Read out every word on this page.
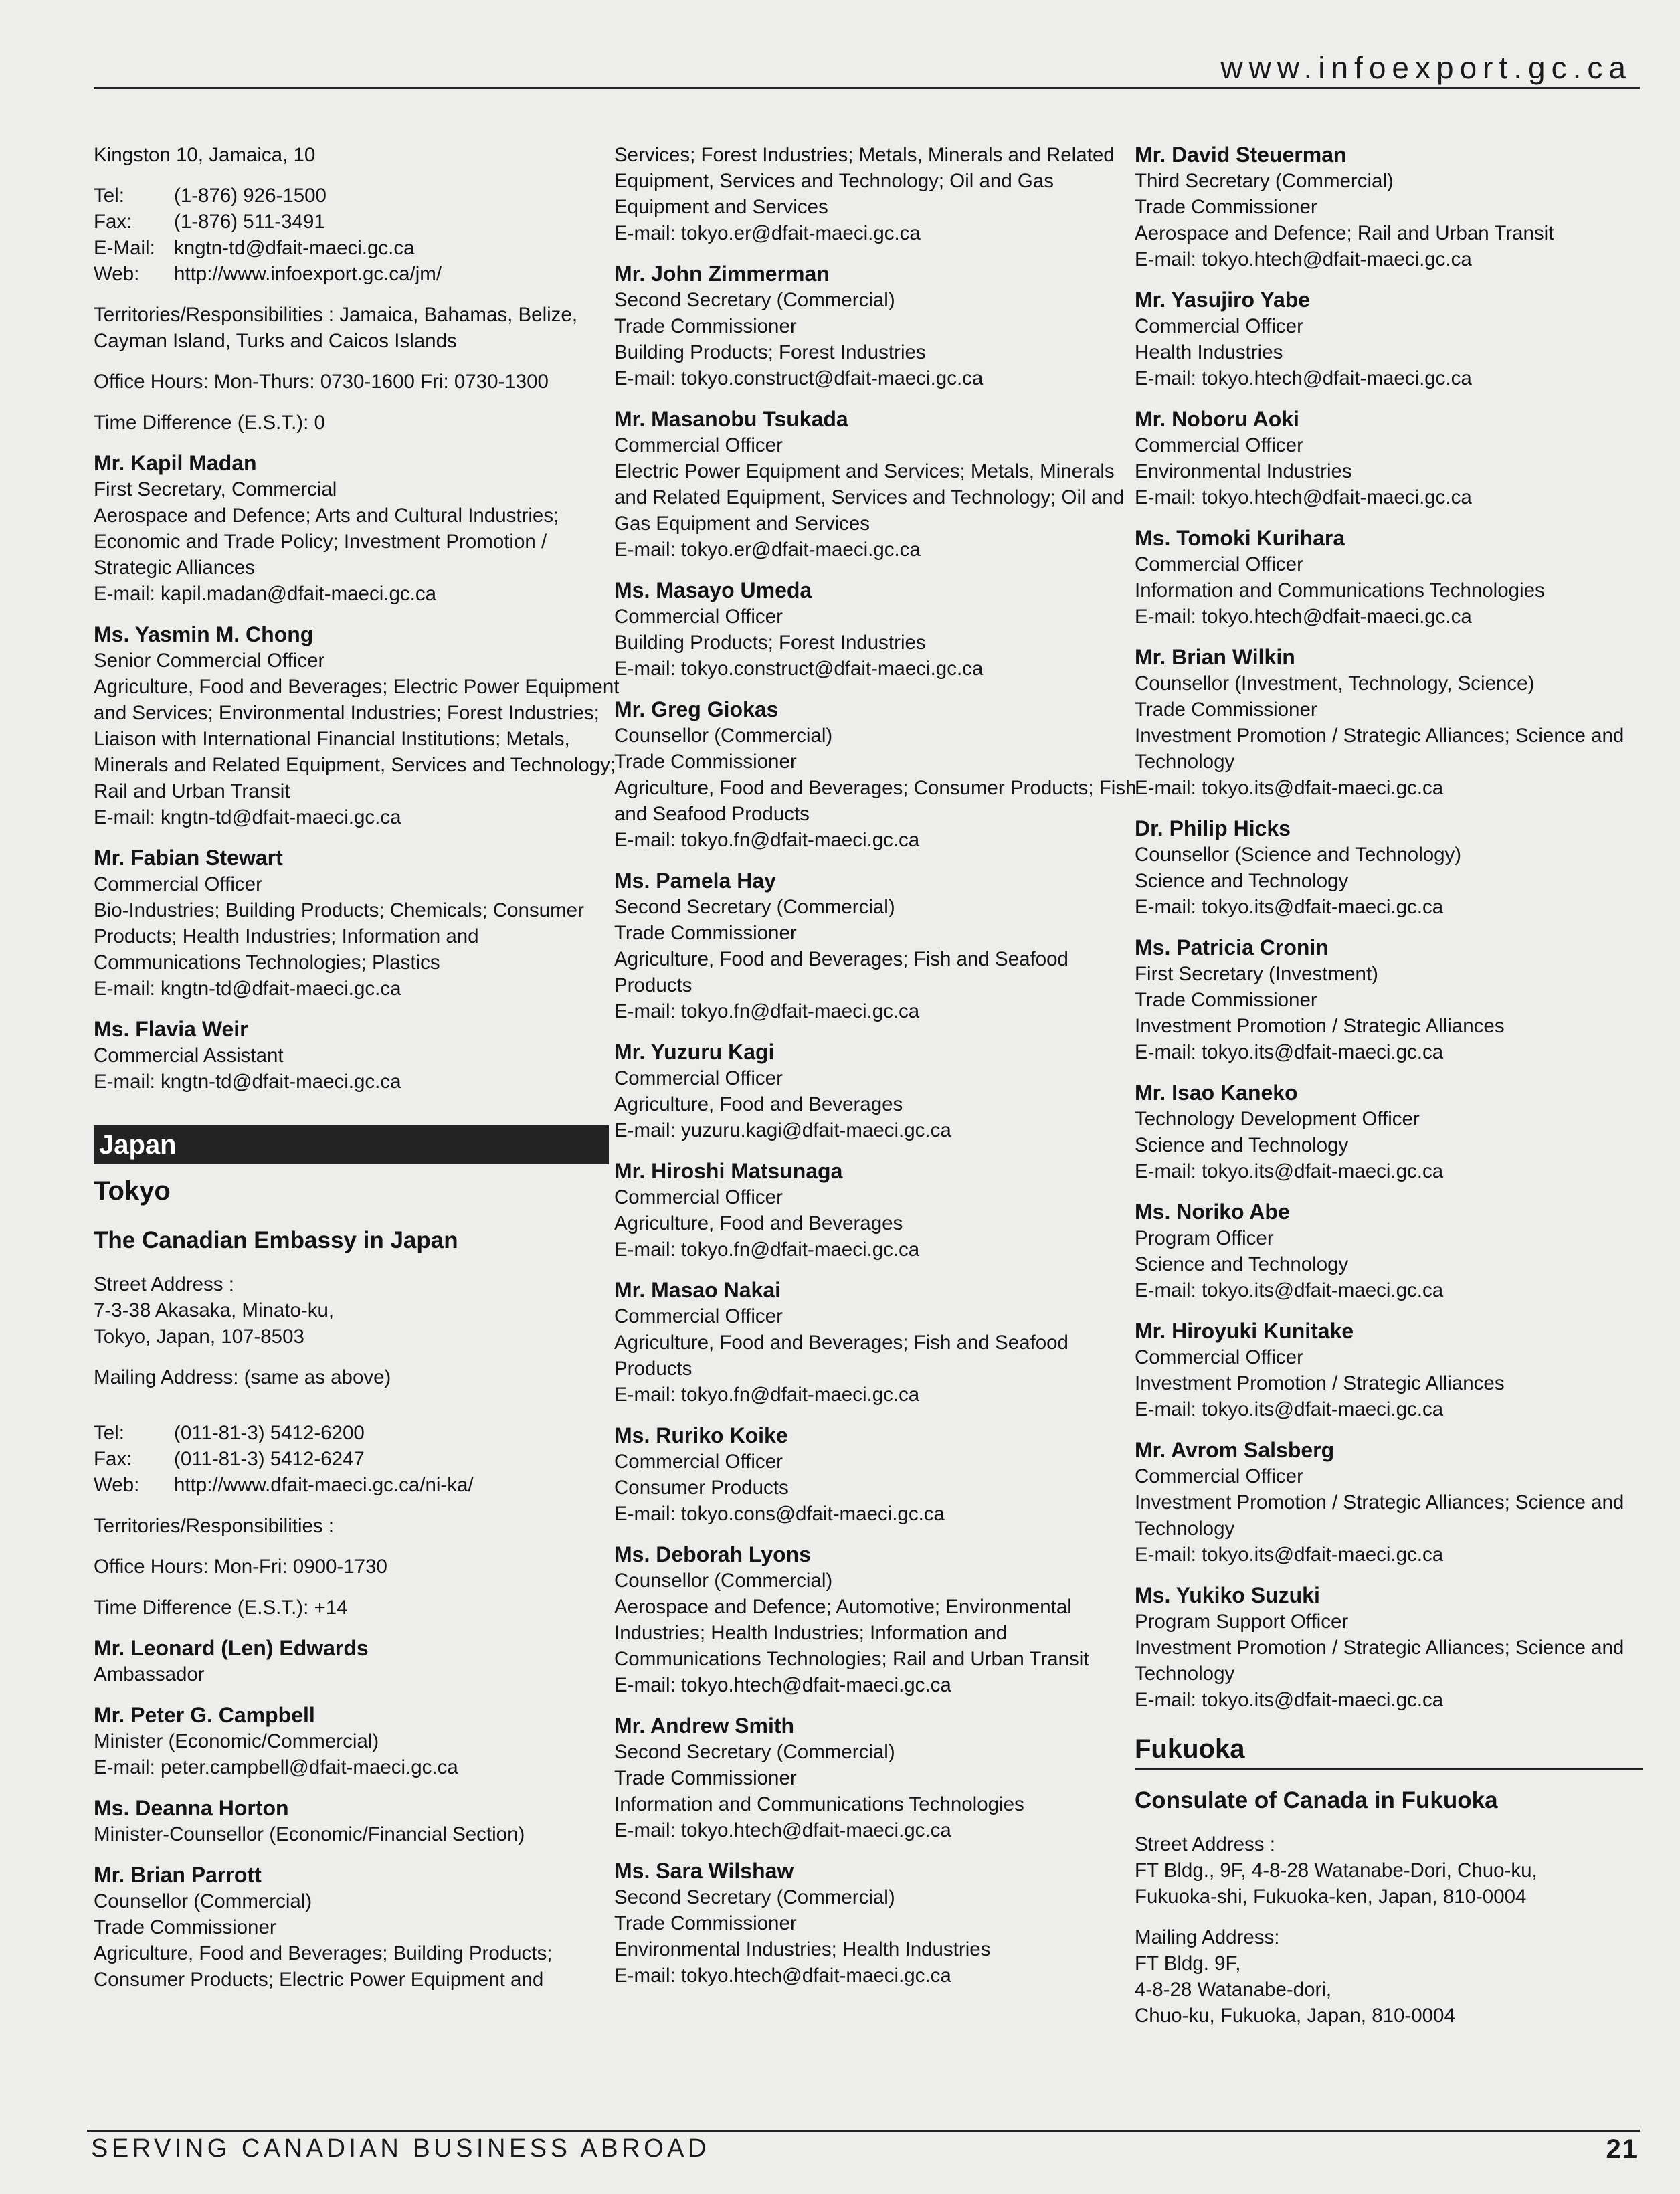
www.infoexport.gc.ca
Kingston 10, Jamaica, 10
Tel:	(1-876) 926-1500
Fax:	(1-876) 511-3491
E-Mail: kngtn-td@dfait-maeci.gc.ca
Web:	http://www.infoexport.gc.ca/jm/
Territories/Responsibilities : Jamaica, Bahamas, Belize,
Cayman Island, Turks and Caicos Islands
Office Hours: Mon-Thurs: 0730-1600 Fri: 0730-1300
Time Difference (E.S.T.): 0
Mr. Kapil Madan
First Secretary, Commercial
Aerospace and Defence; Arts and Cultural Industries;
Economic and Trade Policy; Investment Promotion /
Strategic Alliances
E-mail: kapil.madan@dfait-maeci.gc.ca
Ms. Yasmin M. Chong
Senior Commercial Officer
Agriculture, Food and Beverages; Electric Power Equipment
and Services; Environmental Industries; Forest Industries;
Liaison with International Financial Institutions; Metals,
Minerals and Related Equipment, Services and Technology;
Rail and Urban Transit
E-mail: kngtn-td@dfait-maeci.gc.ca
Mr. Fabian Stewart
Commercial Officer
Bio-Industries; Building Products; Chemicals; Consumer
Products; Health Industries; Information and
Communications Technologies; Plastics
E-mail: kngtn-td@dfait-maeci.gc.ca
Ms. Flavia Weir
Commercial Assistant
E-mail: kngtn-td@dfait-maeci.gc.ca
Japan
Tokyo
The Canadian Embassy in Japan
Street Address :
7-3-38 Akasaka, Minato-ku,
Tokyo, Japan, 107-8503
Mailing Address: (same as above)
Tel:	(011-81-3) 5412-6200
Fax:	(011-81-3) 5412-6247
Web:	http://www.dfait-maeci.gc.ca/ni-ka/
Territories/Responsibilities :
Office Hours: Mon-Fri: 0900-1730
Time Difference (E.S.T.): +14
Mr. Leonard (Len) Edwards
Ambassador
Mr. Peter G. Campbell
Minister (Economic/Commercial)
E-mail: peter.campbell@dfait-maeci.gc.ca
Ms. Deanna Horton
Minister-Counsellor (Economic/Financial Section)
Mr. Brian Parrott
Counsellor (Commercial)
Trade Commissioner
Agriculture, Food and Beverages; Building Products;
Consumer Products; Electric Power Equipment and
Services; Forest Industries; Metals, Minerals and Related
Equipment, Services and Technology; Oil and Gas
Equipment and Services
E-mail: tokyo.er@dfait-maeci.gc.ca
Mr. John Zimmerman
Second Secretary (Commercial)
Trade Commissioner
Building Products; Forest Industries
E-mail: tokyo.construct@dfait-maeci.gc.ca
Mr. Masanobu Tsukada
Commercial Officer
Electric Power Equipment and Services; Metals, Minerals
and Related Equipment, Services and Technology; Oil and
Gas Equipment and Services
E-mail: tokyo.er@dfait-maeci.gc.ca
Ms. Masayo Umeda
Commercial Officer
Building Products; Forest Industries
E-mail: tokyo.construct@dfait-maeci.gc.ca
Mr. Greg Giokas
Counsellor (Commercial)
Trade Commissioner
Agriculture, Food and Beverages; Consumer Products; Fish
and Seafood Products
E-mail: tokyo.fn@dfait-maeci.gc.ca
Ms. Pamela Hay
Second Secretary (Commercial)
Trade Commissioner
Agriculture, Food and Beverages; Fish and Seafood
Products
E-mail: tokyo.fn@dfait-maeci.gc.ca
Mr. Yuzuru Kagi
Commercial Officer
Agriculture, Food and Beverages
E-mail: yuzuru.kagi@dfait-maeci.gc.ca
Mr. Hiroshi Matsunaga
Commercial Officer
Agriculture, Food and Beverages
E-mail: tokyo.fn@dfait-maeci.gc.ca
Mr. Masao Nakai
Commercial Officer
Agriculture, Food and Beverages; Fish and Seafood
Products
E-mail: tokyo.fn@dfait-maeci.gc.ca
Ms. Ruriko Koike
Commercial Officer
Consumer Products
E-mail: tokyo.cons@dfait-maeci.gc.ca
Ms. Deborah Lyons
Counsellor (Commercial)
Aerospace and Defence; Automotive; Environmental
Industries; Health Industries; Information and
Communications Technologies; Rail and Urban Transit
E-mail: tokyo.htech@dfait-maeci.gc.ca
Mr. Andrew Smith
Second Secretary (Commercial)
Trade Commissioner
Information and Communications Technologies
E-mail: tokyo.htech@dfait-maeci.gc.ca
Ms. Sara Wilshaw
Second Secretary (Commercial)
Trade Commissioner
Environmental Industries; Health Industries
E-mail: tokyo.htech@dfait-maeci.gc.ca
Mr. David Steuerman
Third Secretary (Commercial)
Trade Commissioner
Aerospace and Defence; Rail and Urban Transit
E-mail: tokyo.htech@dfait-maeci.gc.ca
Mr. Yasujiro Yabe
Commercial Officer
Health Industries
E-mail: tokyo.htech@dfait-maeci.gc.ca
Mr. Noboru Aoki
Commercial Officer
Environmental Industries
E-mail: tokyo.htech@dfait-maeci.gc.ca
Ms. Tomoki Kurihara
Commercial Officer
Information and Communications Technologies
E-mail: tokyo.htech@dfait-maeci.gc.ca
Mr. Brian Wilkin
Counsellor (Investment, Technology, Science)
Trade Commissioner
Investment Promotion / Strategic Alliances; Science and
Technology
E-mail: tokyo.its@dfait-maeci.gc.ca
Dr. Philip Hicks
Counsellor (Science and Technology)
Science and Technology
E-mail: tokyo.its@dfait-maeci.gc.ca
Ms. Patricia Cronin
First Secretary (Investment)
Trade Commissioner
Investment Promotion / Strategic Alliances
E-mail: tokyo.its@dfait-maeci.gc.ca
Mr. Isao Kaneko
Technology Development Officer
Science and Technology
E-mail: tokyo.its@dfait-maeci.gc.ca
Ms. Noriko Abe
Program Officer
Science and Technology
E-mail: tokyo.its@dfait-maeci.gc.ca
Mr. Hiroyuki Kunitake
Commercial Officer
Investment Promotion / Strategic Alliances
E-mail: tokyo.its@dfait-maeci.gc.ca
Mr. Avrom Salsberg
Commercial Officer
Investment Promotion / Strategic Alliances; Science and
Technology
E-mail: tokyo.its@dfait-maeci.gc.ca
Ms. Yukiko Suzuki
Program Support Officer
Investment Promotion / Strategic Alliances; Science and
Technology
E-mail: tokyo.its@dfait-maeci.gc.ca
Fukuoka
Consulate of Canada in Fukuoka
Street Address :
FT Bldg., 9F, 4-8-28 Watanabe-Dori, Chuo-ku,
Fukuoka-shi, Fukuoka-ken, Japan, 810-0004
Mailing Address:
FT Bldg. 9F,
4-8-28 Watanabe-dori,
Chuo-ku, Fukuoka, Japan, 810-0004
SERVING CANADIAN BUSINESS ABROAD	21
